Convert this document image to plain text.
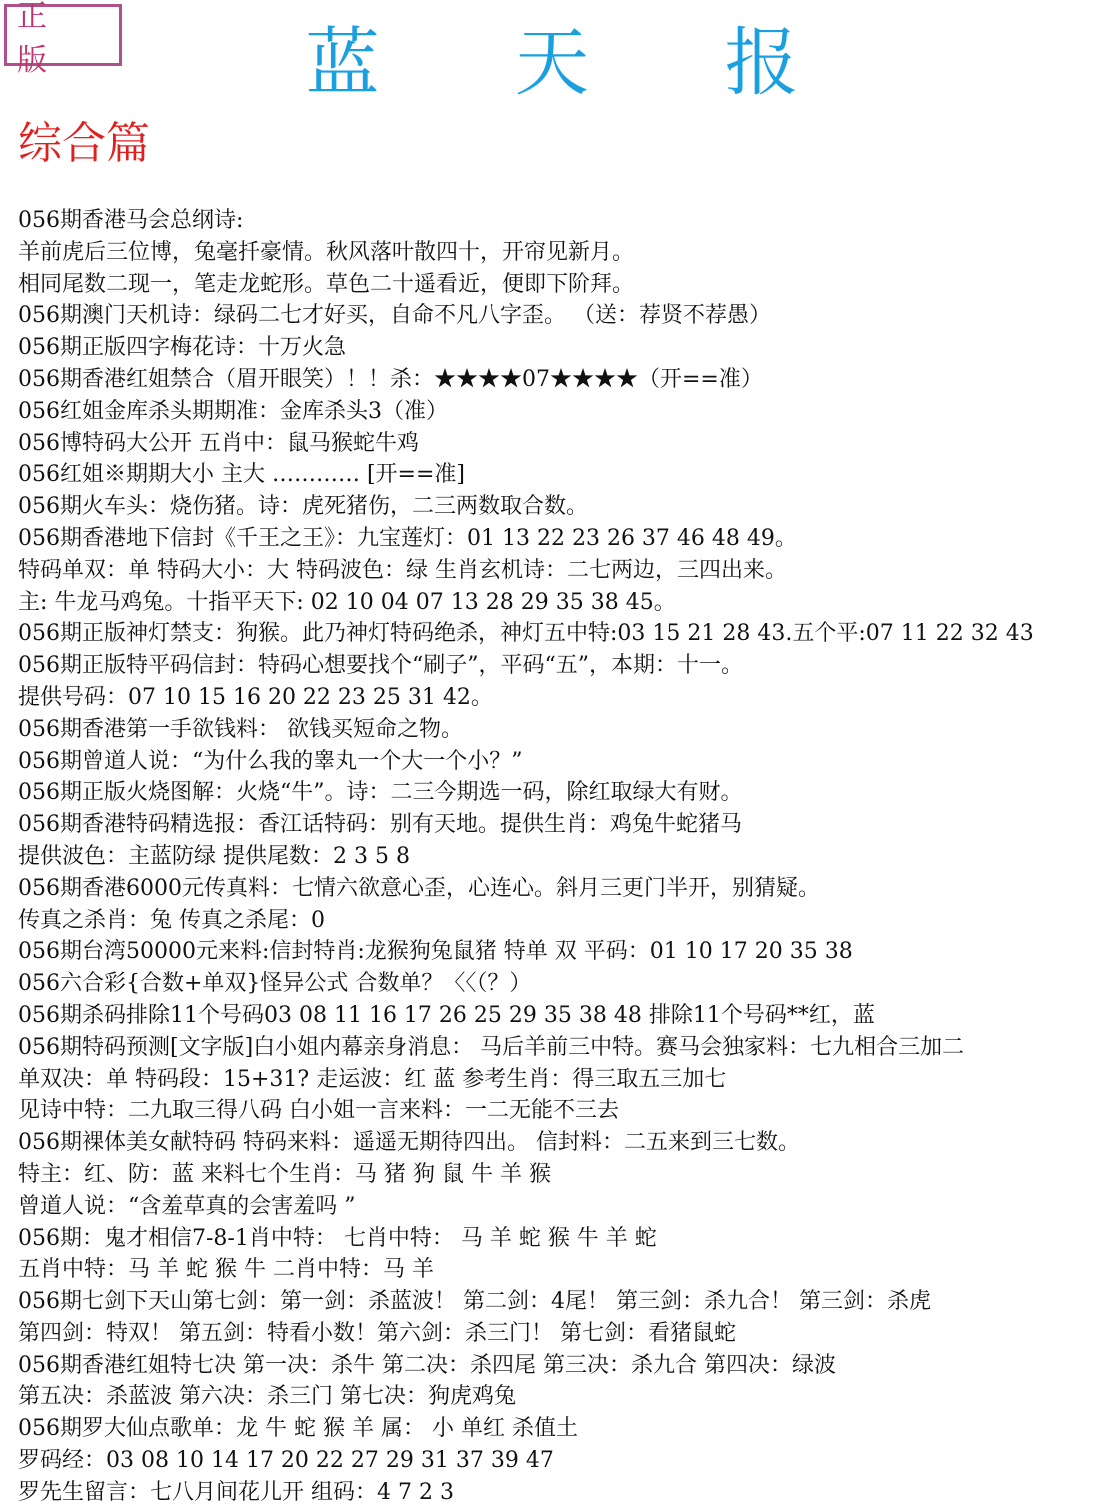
正 版	蓝 天 报
综合篇
056期香港马会总纲诗:
羊前虎后三位博，兔毫扦豪情。秋风落叶散四十，开帘见新月。
相同尾数二现一，笔走龙蛇形。草色二十遥看近，便即下阶拜。
056期澳门天机诗：绿码二七才好买，自命不凡八字歪。 （送：荐贤不荐愚）
056期正版四字梅花诗：十万火急
056期香港红姐禁合（眉开眼笑）！！杀：★★★★07★★★★（开==准）
056红姐金库杀头期期准：金库杀头3（准）
056博特码大公开 五肖中：鼠马猴蛇牛鸡
056红姐※期期大小 主大 ………… [开==准]
056期火车头：烧伤猪。诗：虎死猪伤，二三两数取合数。
056期香港地下信封《千王之王》：九宝莲灯：01 13 22 23 26 37 46 48 49。
特码单双：单 特码大小：大 特码波色：绿 生肖玄机诗：二七两边，三四出来。
主: 牛龙马鸡兔。十指平天下: 02 10 04 07 13 28 29 35 38 45。
056期正版神灯禁支：狗猴。此乃神灯特码绝杀，神灯五中特:03 15 21 28 43.五个平:07 11 22 32 43
056期正版特平码信封：特码心想要找个“刷子”，平码“五”，本期：十一。
提供号码：07 10 15 16 20 22 23 25 31 42。
056期香港第一手欲钱料： 欲钱买短命之物。
056期曾道人说：“为什么我的睾丸一个大一个小？”
056期正版火烧图解：火烧“牛”。诗：二三今期选一码，除红取绿大有财。
056期香港特码精选报：香江话特码：别有天地。提供生肖：鸡兔牛蛇猪马
提供波色：主蓝防绿 提供尾数：2 3 5 8
056期香港6000元传真料：七情六欲意心歪，心连心。斜月三更门半开，别猜疑。
传真之杀肖：兔 传真之杀尾：0
056期台湾50000元来料:信封特肖:龙猴狗兔鼠猪 特单 双 平码：01 10 17 20 35 38
056六合彩{合数+单双}怪异公式 合数单？〈〈（？）
056期杀码排除11个号码03 08 11 16 17 26 25 29 35 38 48 排除11个号码**红，蓝
056期特码预测[文字版]白小姐内幕亲身消息： 马后羊前三中特。赛马会独家料：七九相合三加二
单双决：单 特码段：15+31? 走运波：红 蓝 参考生肖：得三取五三加七
见诗中特：二九取三得八码 白小姐一言来料：一二无能不三去
056期裸体美女献特码 特码来料：遥遥无期待四出。 信封料：二五来到三七数。
特主：红、防：蓝 来料七个生肖：马 猪 狗 鼠 牛 羊 猴
曾道人说：“含羞草真的会害羞吗 ”
056期：鬼才相信7-8-1肖中特： 七肖中特： 马 羊 蛇 猴 牛 羊 蛇
五肖中特：马 羊 蛇 猴 牛 二肖中特：马 羊
056期七剑下天山第七剑：第一剑：杀蓝波！ 第二剑：4尾！ 第三剑：杀九合！ 第三剑：杀虎
第四剑：特双！ 第五剑：特看小数！第六剑：杀三门！ 第七剑：看猪鼠蛇
056期香港红姐特七决 第一决：杀牛 第二决：杀四尾 第三决：杀九合 第四决：绿波
第五决：杀蓝波 第六决：杀三门 第七决：狗虎鸡兔
056期罗大仙点歌单：龙 牛 蛇 猴 羊 属： 小 单红 杀值土
罗码经：03 08 10 14 17 20 22 27 29 31 37 39 47
罗先生留言：七八月间花儿开 组码：4 7 2 3
